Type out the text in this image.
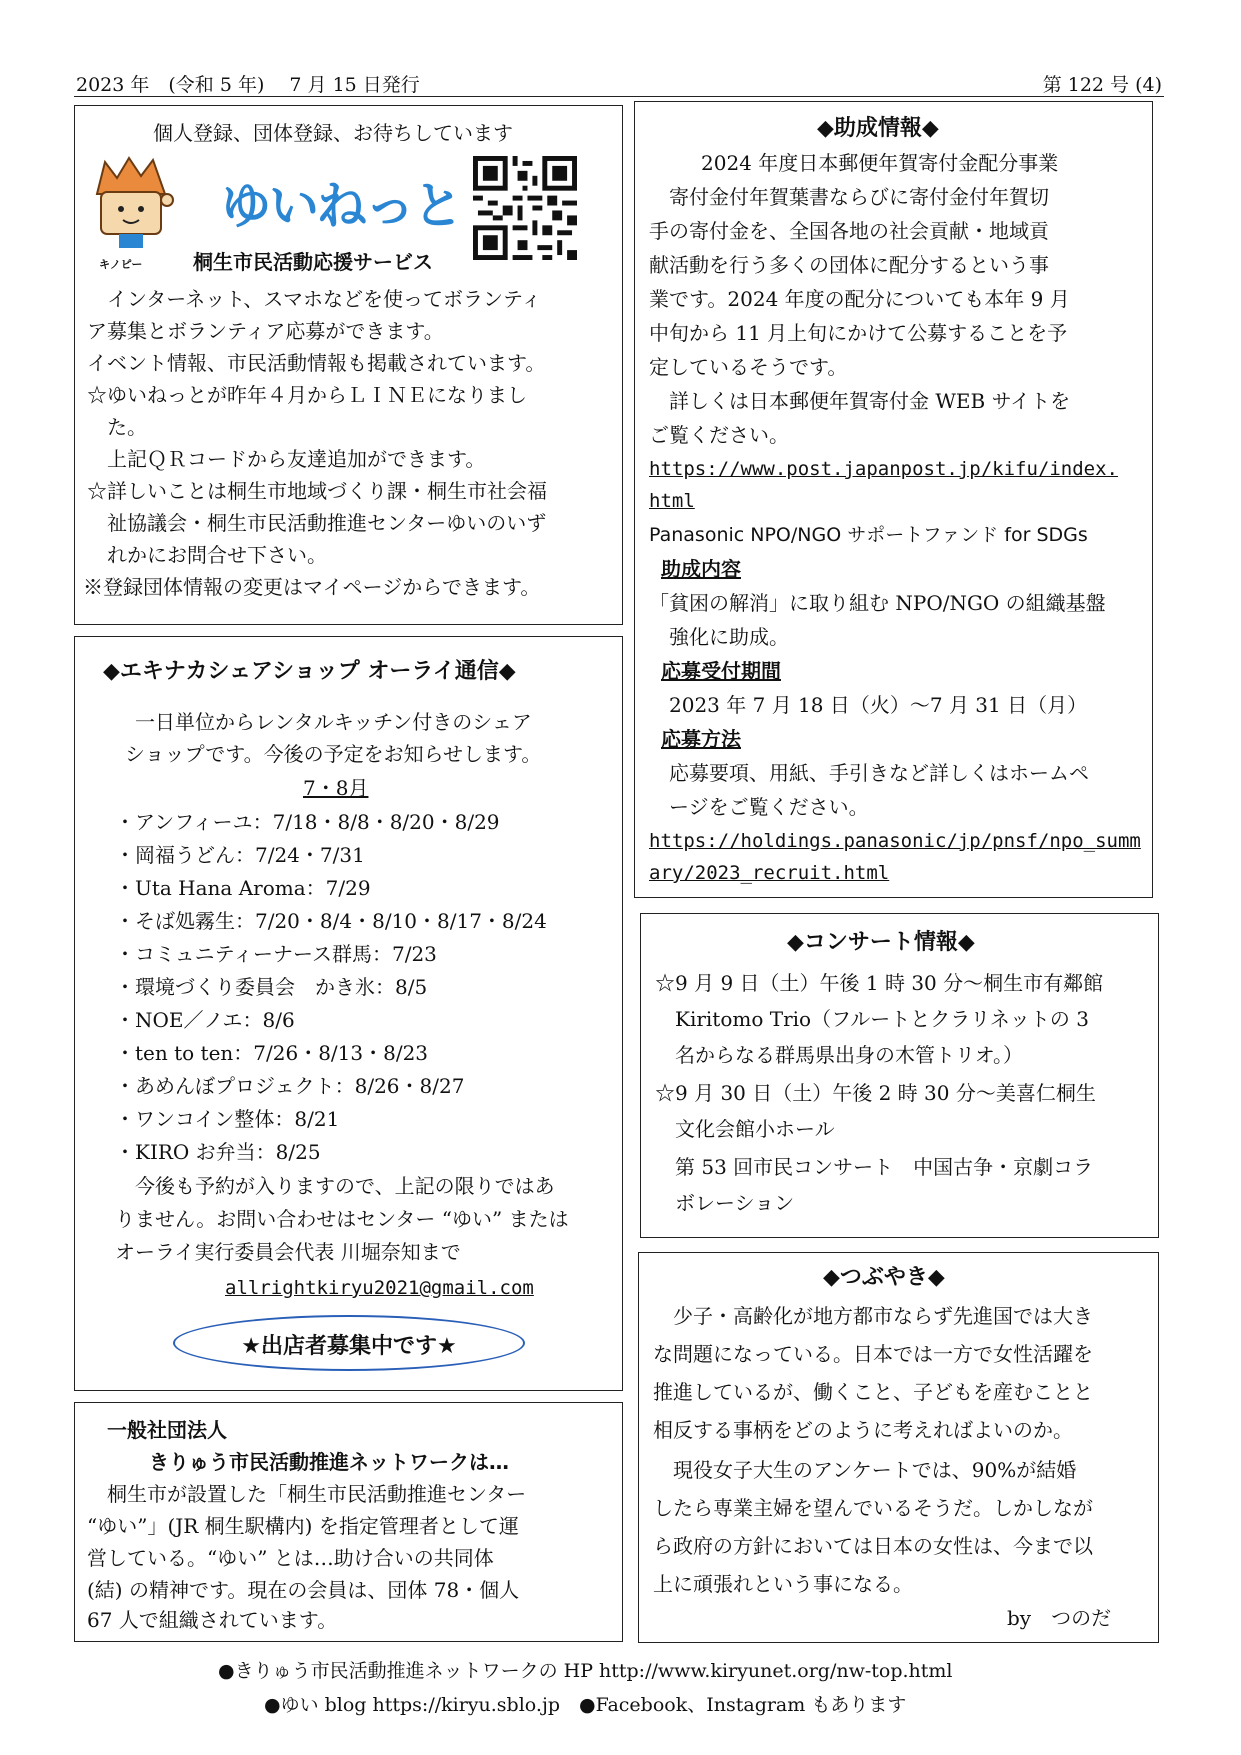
2023 年　(令和 5 年)　 7 月 15 日発行	第 122 号 (4)
個人登録、団体登録、お待ちしています
キノピー
ゆいねっと
桐生市民活動応援サービス
　インターネット、スマホなどを使ってボランティ
ア募集とボランティア応募ができます。
イベント情報、市民活動情報も掲載されています。
☆ゆいねっとが昨年４月からＬＩＮＥになりまし
　た。
　上記ＱＲコードから友達追加ができます。
☆詳しいことは桐生市地域づくり課・桐生市社会福
　祉協議会・桐生市民活動推進センターゆいのいず
　れかにお問合せ下さい。
※登録団体情報の変更はマイページからできます。
◆エキナカシェアショップ オーライ通信◆
一日単位からレンタルキッチン付きのシェア
ショップです。今後の予定をお知らせします。
7・8月
・アンフィーユ：7/18・8/8・8/20・8/29
・岡福うどん：7/24・7/31
・Uta Hana Aroma：7/29
・そば処霧生：7/20・8/4・8/10・8/17・8/24
・コミュニティーナース群馬：7/23
・環境づくり委員会　かき氷：8/5
・NOE／ノエ：8/6
・ten to ten：7/26・8/13・8/23
・あめんぼプロジェクト：8/26・8/27
・ワンコイン整体：8/21
・KIRO お弁当：8/25
　今後も予約が入りますので、上記の限りではあ
りません。お問い合わせはセンター “ゆい” または
オーライ実行委員会代表 川堀奈知まで
allrightkiryu2021@gmail.com
★出店者募集中です★
一般社団法人
　きりゅう市民活動推進ネットワークは…
　桐生市が設置した「桐生市民活動推進センター
“ゆい”」(JR 桐生駅構内) を指定管理者として運
営している。“ゆい” とは…助け合いの共同体
(結) の精神です。現在の会員は、団体 78・個人
67 人で組織されています。
◆助成情報◆
2024 年度日本郵便年賀寄付金配分事業
　寄付金付年賀葉書ならびに寄付金付年賀切
手の寄付金を、全国各地の社会貢献・地域貢
献活動を行う多くの団体に配分するという事
業です。2024 年度の配分についても本年 9 月
中旬から 11 月上旬にかけて公募することを予
定しているそうです。
　詳しくは日本郵便年賀寄付金 WEB サイトを
ご覧ください。
https://www.post.japanpost.jp/kifu/index.
html
Panasonic NPO/NGO サポートファンド for SDGs
助成内容
「貧困の解消」に取り組む NPO/NGO の組織基盤
　強化に助成。
応募受付期間
　2023 年 7 月 18 日（火）～7 月 31 日（月）
応募方法
　応募要項、用紙、手引きなど詳しくはホームペ
　ージをご覧ください。
https://holdings.panasonic/jp/pnsf/npo_summ
ary/2023_recruit.html
◆コンサート情報◆
☆9 月 9 日（土）午後 1 時 30 分～桐生市有鄰館
　Kiritomo Trio（フルートとクラリネットの 3
　名からなる群馬県出身の木管トリオ。）
☆9 月 30 日（土）午後 2 時 30 分～美喜仁桐生
　文化会館小ホール
　第 53 回市民コンサート　中国古争・京劇コラ
　ボレーション
◆つぶやき◆
　少子・高齢化が地方都市ならず先進国では大き
な問題になっている。日本では一方で女性活躍を
推進しているが、働くこと、子どもを産むことと
相反する事柄をどのように考えればよいのか。
　現役女子大生のアンケートでは、90%が結婚
したら専業主婦を望んでいるそうだ。しかしなが
ら政府の方針においては日本の女性は、今まで以
上に頑張れという事になる。
by　つのだ
●きりゅう市民活動推進ネットワークの HP http://www.kiryunet.org/nw-top.html
●ゆい blog https://kiryu.sblo.jp　●Facebook、Instagram もあります
